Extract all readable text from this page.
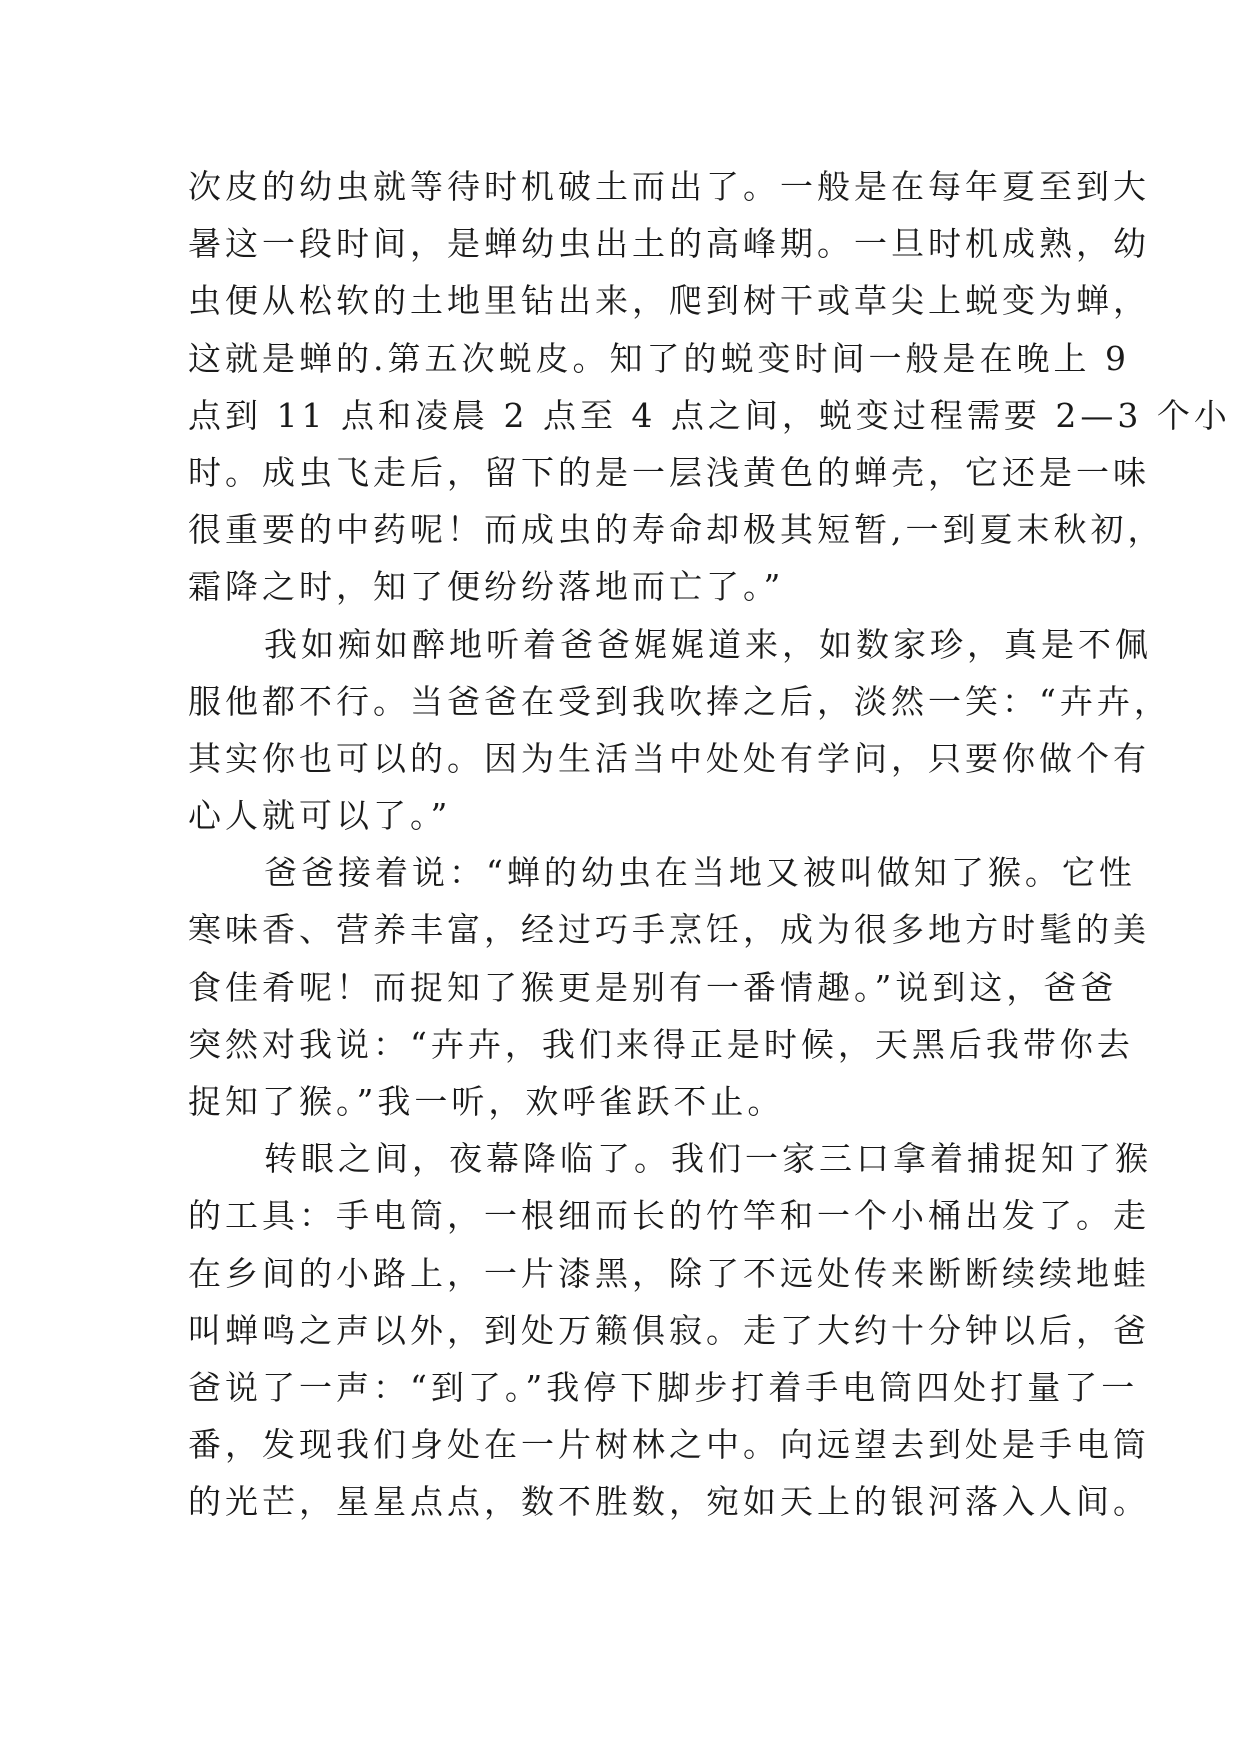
次皮的幼虫就等待时机破土而出了。一般是在每年夏至到大
暑这一段时间，是蝉幼虫出土的高峰期。一旦时机成熟，幼
虫便从松软的土地里钻出来，爬到树干或草尖上蜕变为蝉，
这就是蝉的.第五次蜕皮。知了的蜕变时间一般是在晚上 9
点到 11 点和凌晨 2 点至 4 点之间，蜕变过程需要 2—3 个小
时。成虫飞走后，留下的是一层浅黄色的蝉壳，它还是一味
很重要的中药呢！而成虫的寿命却极其短暂,一到夏末秋初，
霜降之时，知了便纷纷落地而亡了。”
我如痴如醉地听着爸爸娓娓道来，如数家珍，真是不佩
服他都不行。当爸爸在受到我吹捧之后，淡然一笑：“卉卉，
其实你也可以的。因为生活当中处处有学问，只要你做个有
心人就可以了。”
爸爸接着说：“蝉的幼虫在当地又被叫做知了猴。它性
寒味香、营养丰富，经过巧手烹饪，成为很多地方时髦的美
食佳肴呢！而捉知了猴更是别有一番情趣。”说到这，爸爸
突然对我说：“卉卉，我们来得正是时候，天黑后我带你去
捉知了猴。”我一听，欢呼雀跃不止。
转眼之间，夜幕降临了。我们一家三口拿着捕捉知了猴
的工具：手电筒，一根细而长的竹竿和一个小桶出发了。走
在乡间的小路上，一片漆黑，除了不远处传来断断续续地蛙
叫蝉鸣之声以外，到处万籁俱寂。走了大约十分钟以后，爸
爸说了一声：“到了。”我停下脚步打着手电筒四处打量了一
番，发现我们身处在一片树林之中。向远望去到处是手电筒
的光芒，星星点点，数不胜数，宛如天上的银河落入人间。
